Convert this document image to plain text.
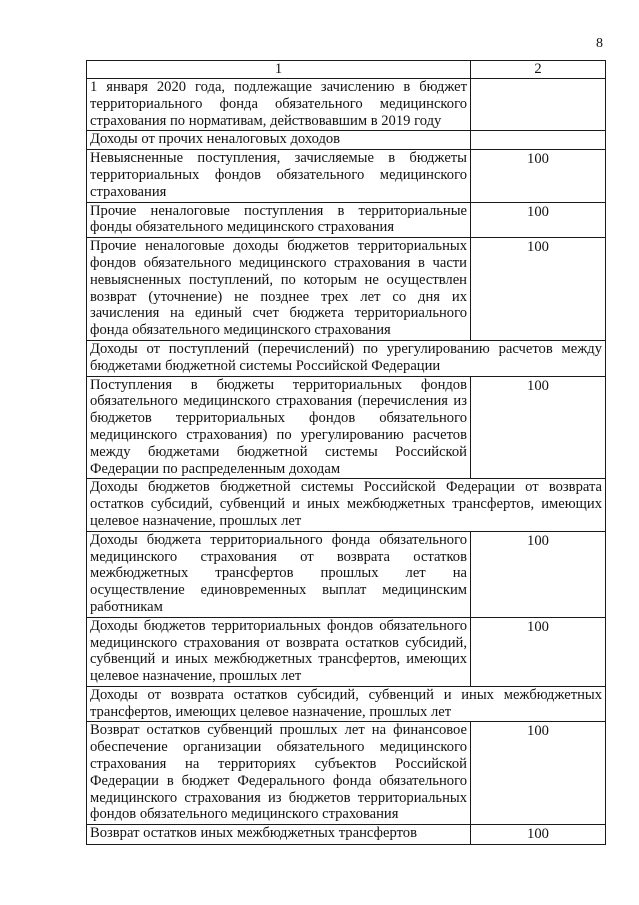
8
1	2
1 января 2020 года, подлежащие зачислению в бюджет территориального фонда обязательного медицинского страхования по нормативам, действовавшим в 2019 году	
Доходы от прочих неналоговых доходов	
Невыясненные поступления, зачисляемые в бюджеты территориальных фондов обязательного медицинского страхования	100
Прочие неналоговые поступления в территориальные фонды обязательного медицинского страхования	100
Прочие неналоговые доходы бюджетов территориальных фондов обязательного медицинского страхования в части невыясненных поступлений, по которым не осуществлен возврат (уточнение) не позднее трех лет со дня их зачисления на единый счет бюджета территориального фонда обязательного медицинского страхования	100
Доходы от поступлений (перечислений) по урегулированию расчетов между бюджетами бюджетной системы Российской Федерации	
Поступления в бюджеты территориальных фондов обязательного медицинского страхования (перечисления из бюджетов территориальных фондов обязательного медицинского страхования) по урегулированию расчетов между бюджетами бюджетной системы Российской Федерации по распределенным доходам	100
Доходы бюджетов бюджетной системы Российской Федерации от возврата остатков субсидий, субвенций и иных межбюджетных трансфертов, имеющих целевое назначение, прошлых лет	
Доходы бюджета территориального фонда обязательного медицинского страхования от возврата остатков межбюджетных трансфертов прошлых лет на осуществление единовременных выплат медицинским работникам	100
Доходы бюджетов территориальных фондов обязательного медицинского страхования от возврата остатков субсидий, субвенций и иных межбюджетных трансфертов, имеющих целевое назначение, прошлых лет	100
Доходы от возврата остатков субсидий, субвенций и иных межбюджетных трансфертов, имеющих целевое назначение, прошлых лет	
Возврат остатков субвенций прошлых лет на финансовое обеспечение организации обязательного медицинского страхования на территориях субъектов Российской Федерации в бюджет Федерального фонда обязательного медицинского страхования из бюджетов территориальных фондов обязательного медицинского страхования	100
Возврат остатков иных межбюджетных трансфертов	100
